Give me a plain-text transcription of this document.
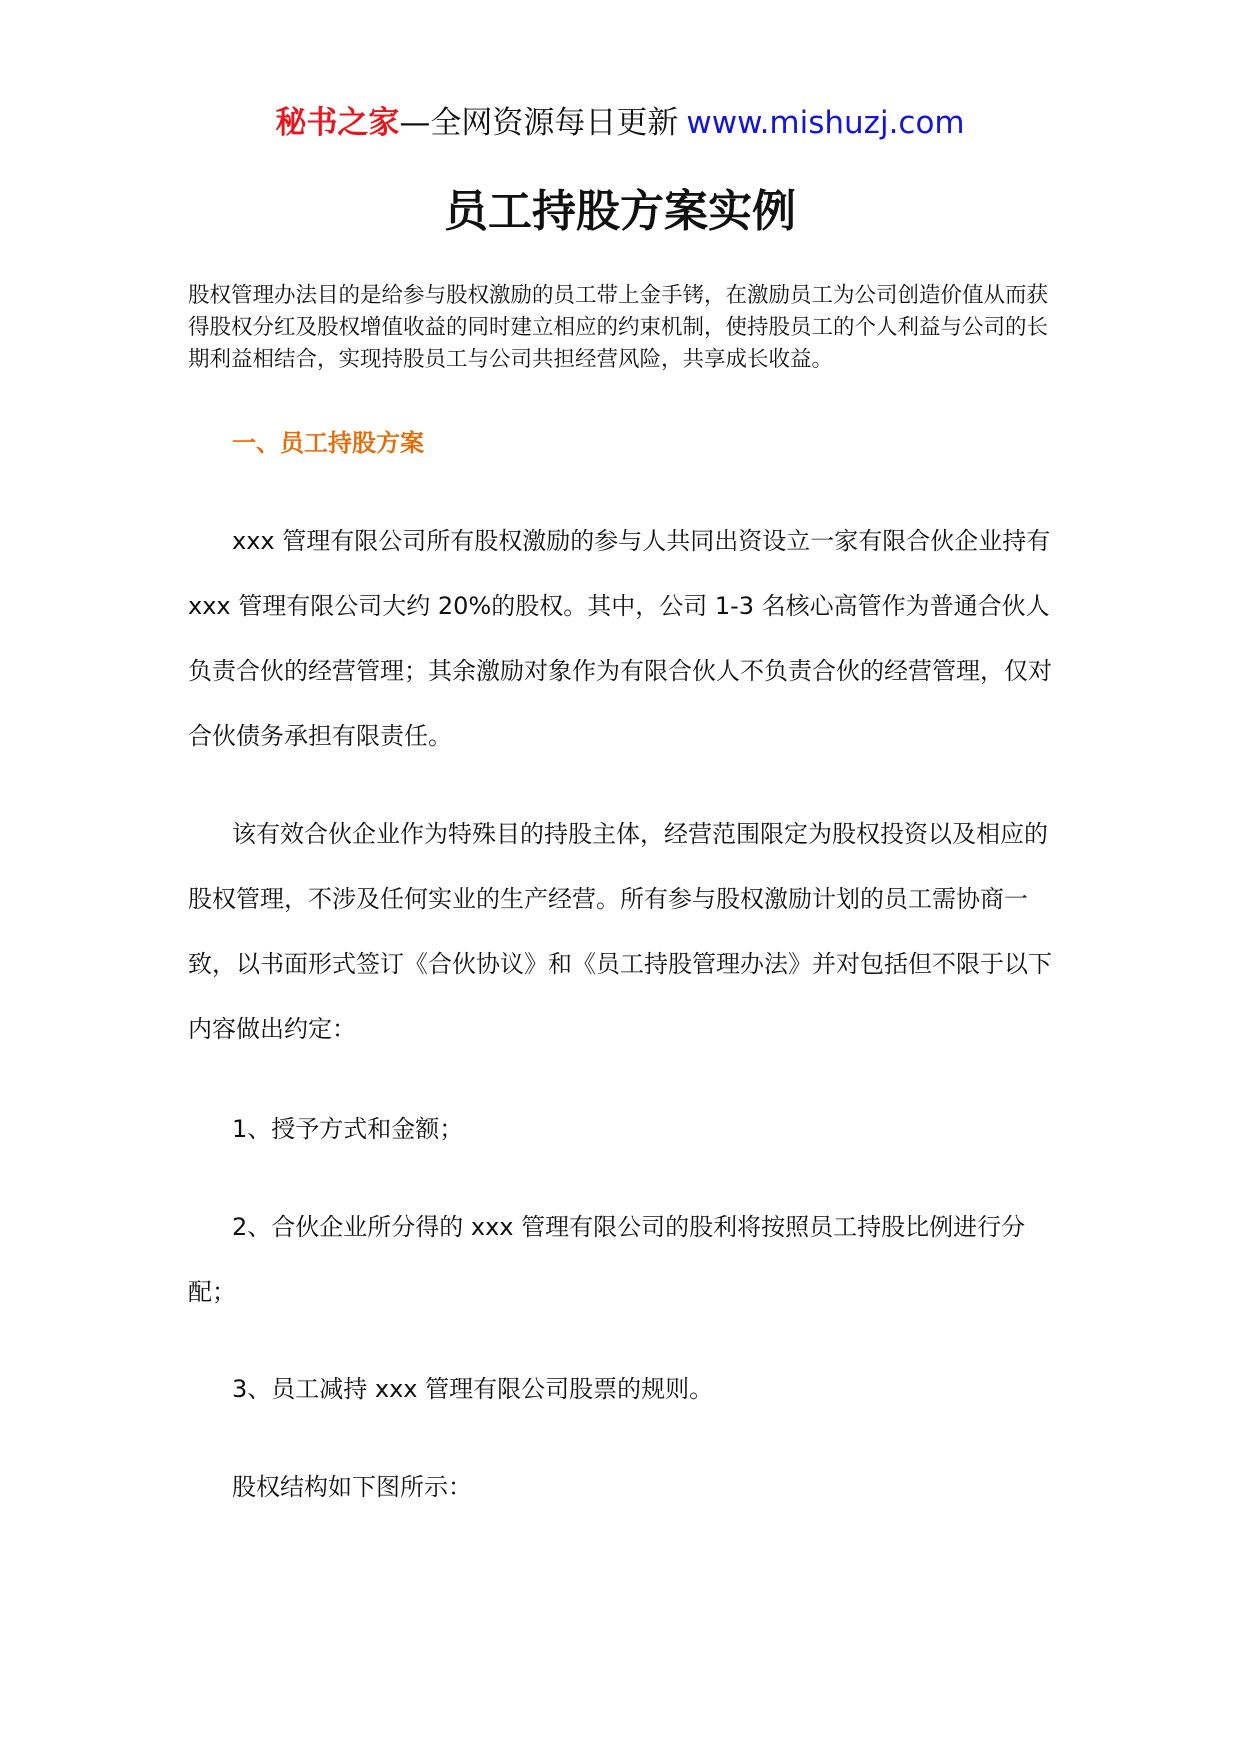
秘书之家—全网资源每日更新 www.mishuzj.com
员工持股方案实例

股权管理办法目的是给参与股权激励的员工带上金手铐，在激励员工为公司创造价值从而获得股权分红及股权增值收益的同时建立相应的约束机制，使持股员工的个人利益与公司的长期利益相结合，实现持股员工与公司共担经营风险，共享成长收益。

一、员工持股方案

xxx 管理有限公司所有股权激励的参与人共同出资设立一家有限合伙企业持有 xxx 管理有限公司大约 20%的股权。其中，公司 1-3 名核心高管作为普通合伙人负责合伙的经营管理；其余激励对象作为有限合伙人不负责合伙的经营管理，仅对合伙债务承担有限责任。

该有效合伙企业作为特殊目的持股主体，经营范围限定为股权投资以及相应的股权管理，不涉及任何实业的生产经营。所有参与股权激励计划的员工需协商一致，以书面形式签订《合伙协议》和《员工持股管理办法》并对包括但不限于以下内容做出约定：

1、授予方式和金额；

2、合伙企业所分得的 xxx 管理有限公司的股利将按照员工持股比例进行分配；

3、员工减持 xxx 管理有限公司股票的规则。

股权结构如下图所示：
